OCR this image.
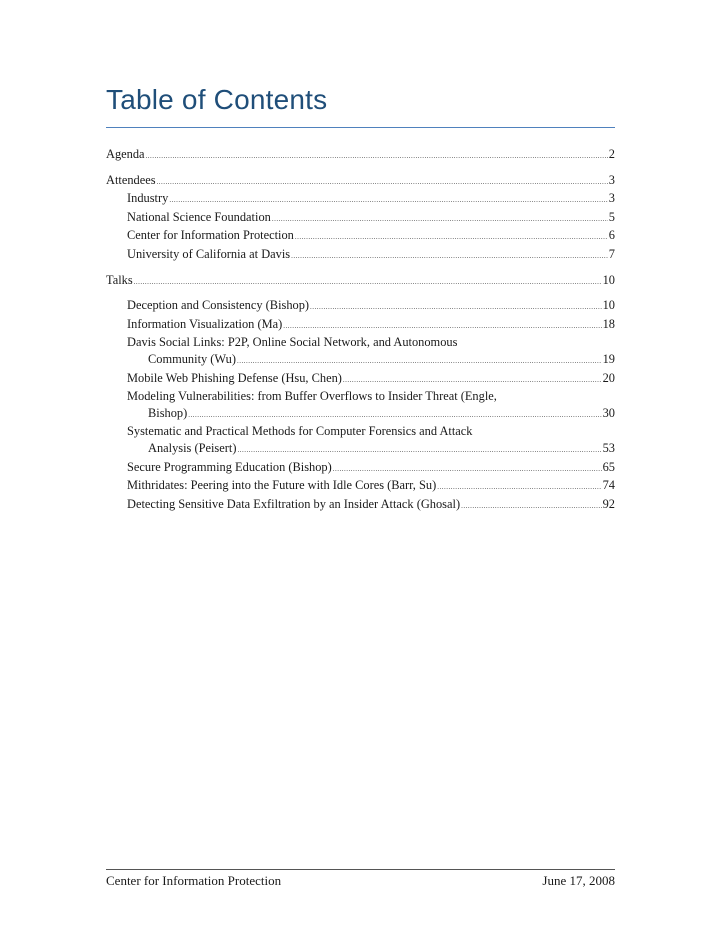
Table of Contents
Agenda .....	2
Attendees .....	3
Industry .....	3
National Science Foundation .....	5
Center for Information Protection .....	6
University of California at Davis .....	7
Talks .....	10
Deception and Consistency (Bishop) .....	10
Information Visualization (Ma) .....	18
Davis Social Links: P2P, Online Social Network, and Autonomous
Community (Wu) .....	19
Mobile Web Phishing Defense (Hsu, Chen) .....	20
Modeling Vulnerabilities: from Buffer Overflows to Insider Threat (Engle,
Bishop) .....	30
Systematic and Practical Methods for Computer Forensics and Attack
Analysis (Peisert) .....	53
Secure Programming Education (Bishop) .....	65
Mithridates: Peering into the Future with Idle Cores (Barr, Su) .....	74
Detecting Sensitive Data Exfiltration by an Insider Attack (Ghosal) .....	92
Center for Information Protection	June 17, 2008
